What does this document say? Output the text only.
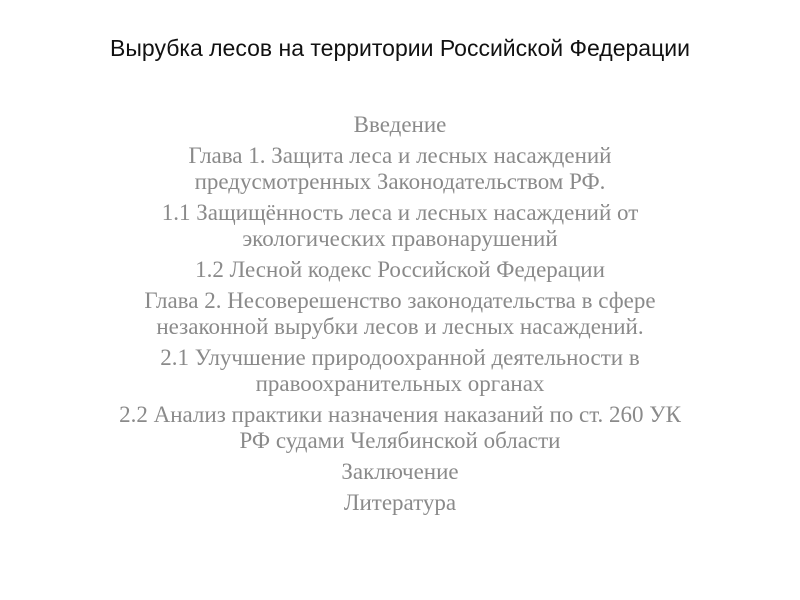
Вырубка лесов на территории Российской Федерации
Введение
Глава 1. Защита леса и лесных насаждений
предусмотренных Законодательством РФ.
1.1 Защищённость леса и лесных насаждений от
экологических правонарушений
1.2 Лесной кодекс Российской Федерации
Глава 2. Несоверешенство законодательства в сфере
незаконной вырубки лесов и лесных насаждений.
2.1 Улучшение природоохранной деятельности в
правоохранительных органах
2.2 Анализ практики назначения наказаний по ст. 260 УК
РФ судами Челябинской области
Заключение
Литература
